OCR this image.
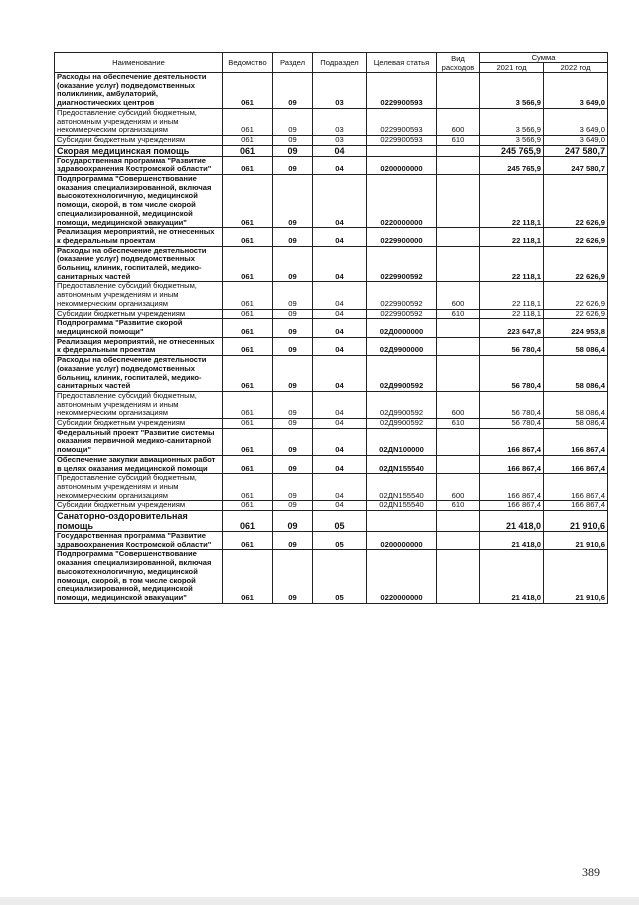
Наименование	Ведомство	Раздел	Подраздел	Целевая статья	Вид расходов	Сумма	
						2021 год	2022 год
Расходы на обеспечение деятельности (оказание услуг) подведомственных поликлиник, амбулаторий, диагностических центров	061	09	03	0229900593		3 566,9	3 649,0
Предоставление субсидий бюджетным, автономным учреждениям и иным некоммерческим организациям	061	09	03	0229900593	600	3 566,9	3 649,0
Субсидии бюджетным учреждениям	061	09	03	0229900593	610	3 566,9	3 649,0
Скорая медицинская помощь	061	09	04			245 765,9	247 580,7
Государственная программа "Развитие здравоохранения Костромской области"	061	09	04	0200000000		245 765,9	247 580,7
Подпрограмма "Совершенствование оказания специализированной, включая высокотехнологичную, медицинской помощи, скорой, в том числе скорой специализированной, медицинской помощи, медицинской эвакуации"	061	09	04	0220000000		22 118,1	22 626,9
Реализация мероприятий, не отнесенных к федеральным проектам	061	09	04	0229900000		22 118,1	22 626,9
Расходы на обеспечение деятельности (оказание услуг) подведомственных больниц, клиник, госпиталей, медико-санитарных частей	061	09	04	0229900592		22 118,1	22 626,9
Предоставление субсидий бюджетным, автономным учреждениям и иным некоммерческим организациям	061	09	04	0229900592	600	22 118,1	22 626,9
Субсидии бюджетным учреждениям	061	09	04	0229900592	610	22 118,1	22 626,9
Подпрограмма "Развитие скорой медицинской помощи"	061	09	04	02Д0000000		223 647,8	224 953,8
Реализация мероприятий, не отнесенных к федеральным проектам	061	09	04	02Д9900000		56 780,4	58 086,4
Расходы на обеспечение деятельности (оказание услуг) подведомственных больниц, клиник, госпиталей, медико-санитарных частей	061	09	04	02Д9900592		56 780,4	58 086,4
Предоставление субсидий бюджетным, автономным учреждениям и иным некоммерческим организациям	061	09	04	02Д9900592	600	56 780,4	58 086,4
Субсидии бюджетным учреждениям	061	09	04	02Д9900592	610	56 780,4	58 086,4
Федеральный проект "Развитие системы оказания первичной медико-санитарной помощи"	061	09	04	02ДN100000		166 867,4	166 867,4
Обеспечение закупки авиационных работ в целях оказания медицинской помощи	061	09	04	02ДN155540		166 867,4	166 867,4
Предоставление субсидий бюджетным, автономным учреждениям и иным некоммерческим организациям	061	09	04	02ДN155540	600	166 867,4	166 867,4
Субсидии бюджетным учреждениям	061	09	04	02ДN155540	610	166 867,4	166 867,4
Санаторно-оздоровительная помощь	061	09	05			21 418,0	21 910,6
Государственная программа "Развитие здравоохранения Костромской области"	061	09	05	0200000000		21 418,0	21 910,6
Подпрограмма "Совершенствование оказания специализированной, включая высокотехнологичную, медицинской помощи, скорой, в том числе скорой специализированной, медицинской помощи, медицинской эвакуации"	061	09	05	0220000000		21 418,0	21 910,6
389
